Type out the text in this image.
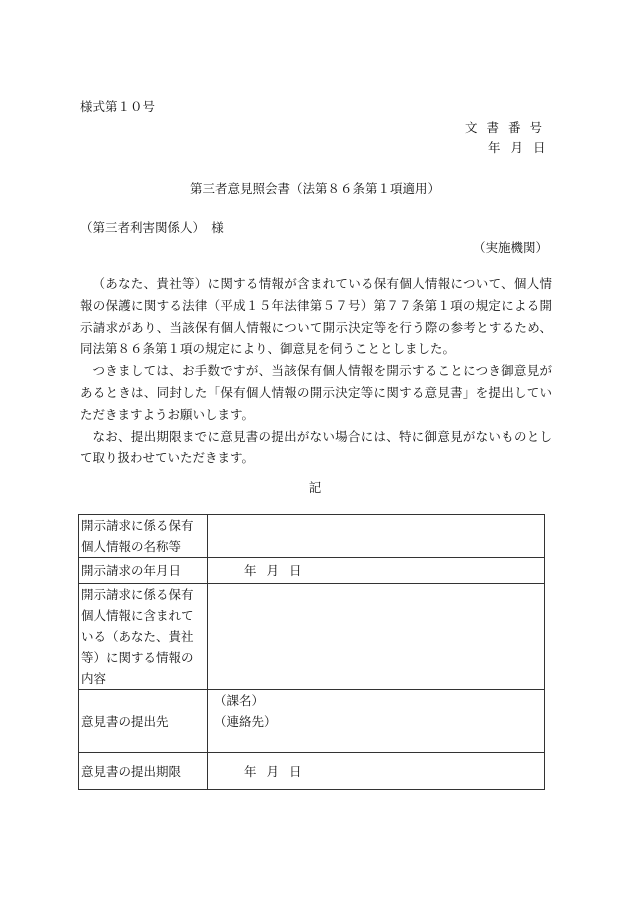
様式第１０号
文書番号
年月日
第三者意見照会書（法第８６条第１項適用）
（第三者利害関係人）　様
（実施機関）

（あなた、貴社等）に関する情報が含まれている保有個人情報について、個人情報の保護に関する法律（平成１５年法律第５７号）第７７条第１項の規定による開示請求があり、当該保有個人情報について開示決定等を行う際の参考とするため、同法第８６条第１項の規定により、御意見を伺うこととしました。

つきましては、お手数ですが、当該保有個人情報を開示することにつき御意見があるときは、同封した「保有個人情報の開示決定等に関する意見書」を提出していただきますようお願いします。

なお、提出期限までに意見書の提出がない場合には、特に御意見がないものとして取り扱わせていただきます。

記
開示請求に係る保有個人情報の名称等	
開示請求の年月日	年月日
開示請求に係る保有個人情報に含まれている（あなた、貴社等）に関する情報の内容	
意見書の提出先	（課名）
（連絡先）

意見書の提出期限	年月日
